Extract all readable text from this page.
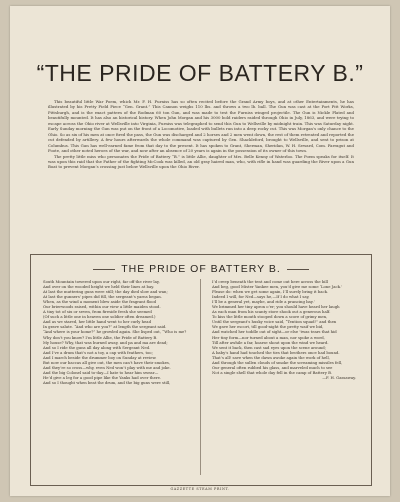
“THE PRIDE OF BATTERY B.”

This beautiful little War Poem, which Mr. F. H. Furniss has so often recited before the Grand Army boys, and at other Entertainments, he has illustrated by his Pretty Field Piece “Gen. Grant.” This Cannon weighs 110 lbs. and throws a two lb. ball. The Gun was cast at the Fort Pitt Works, Pittsburgh, and is the exact pattern of the Rodman 60 ton Gun, and was made to test the Furniss winged projectile. The Gun is Nickle Plated and beautifully mounted. It has also an historical history. When John Morgan and his 3000 bold raiders raided through Ohio in July, 1863, and were trying to escape across the Ohio river at Wellsville into Virginia, Furniss was telegraphed to send this Gun to Wellsville by midnight train. This was Saturday night. Early Sunday morning the Gun was put on the front of a Locomotive, loaded with bullets run into a deep rocky cut. This was Morgan’s only chance to the Ohio. So as six of his men at once fired the pass, the Gun was discharged and 2 horses and 2 men went down, the rest of them retreated and reported the cut defended by artillery. A few hours afterwards the whole command was captured by Gen. Shackleford, brought to Wellsville, and sent to prison at Columbus. This Gun has well-earned fame from that day to the present. It has spoken to Grant, Sherman, Sheridan, W. H. Seward, Com. Farragut and Foote, and other noted heroes of the war, and now after an absence of 20 years is again in the possession of its owner of this town.

The pretty little miss who personates the Pride of Battery “B.” is little Allie, daughter of Mrs. Belle Kenny of Waterloo. The Poem speaks for itself. It was upon this raid that the Father of the fighting McCook was killed, an old gray haired man, who, with rifle in hand was guarding the River upon a Gun Boat to prevent Morgan’s crossing just below Wellsville upon the Ohio River.

THE PRIDE OF BATTERY B.
South Mountain towered upon our right, far off the river lay,
And over on the wooded height we held their lines at bay.
At last the muttering guns were still; the day died slow and wan;
At last the gunners’ pipes did fill, the sergeant’s yarns began.
When, as the wind a moment blew aside the fragrant flood
Our brierwoods raised, within our view a little maiden stood.
A tiny tot of six or seven, from fireside fresh she seemed
(Of such a little one in heaven one soldier often dreamed.)
And as we stared, her little hand went to her curly head
In grave salute. “And who are you?” at length the sergeant said.
“And where is your home?” he growled again. She lisped out, “Who is me?
Why don’t you know? I’m little Allie, the Pride of Battery B.
My house? Why, that was burned away, and pa and ma are dead;
And so I ride the guns all day along with Sergeant Ned.
And I’ve a drum that’s not a toy, a cap with feathers, too;
And I march beside the drummer boy on Sunday at review.
But now our baccas all give out, the men can’t have their smokes,
And they’re so cross—why, even Ned won’t play with me and joke.
And the big Colonel said to-day—I hate to hear him swear—
He’d give a leg for a good pipe like the Yanks had over there.
And so I thought when beat the drum, and the big guns were still,
I’d creep beneath the tent and come out here across the hill
And beg, good Mister Yankee men, you’d give me some ‘Lone Jack.’
Please do: when we get some again, I’ll surely bring it back.
Indeed I will, for Ned—says he,—If I do what I say,
I’ll be a general yet, maybe, and ride a prancing bay.’
We brimmed her tiny apron o’er; you should have heard her laugh
As each man from his scanty store shook out a generous half.
To kiss the little mouth stooped down a score of grimy men,
Until the sergeant’s husky voice said, “Tention squad!” and then
We gave her escort, till good-night the pretty waif we bid,
And watched her toddle out of sight—or else ’twas tears that hid
Her tiny form—nor turned about a man, nor spoke a word,
Till after awhile a far, hoarse shout upon the wind we heard.
We sent it back, then cast sad eyes upon the scene around;
A baby’s hand had touched the ties that brothers once had bound.
That’s all! save when the dawn awoke again the work of hell,
And through the sullen clouds of smoke the screaming missiles fell,
Our general often rubbed his glass, and marveled much to see
Not a single shell that whole day fell in the camp of Battery B.
—F. H. Gassaway.
GAZZETTE STEAM PRINT.
